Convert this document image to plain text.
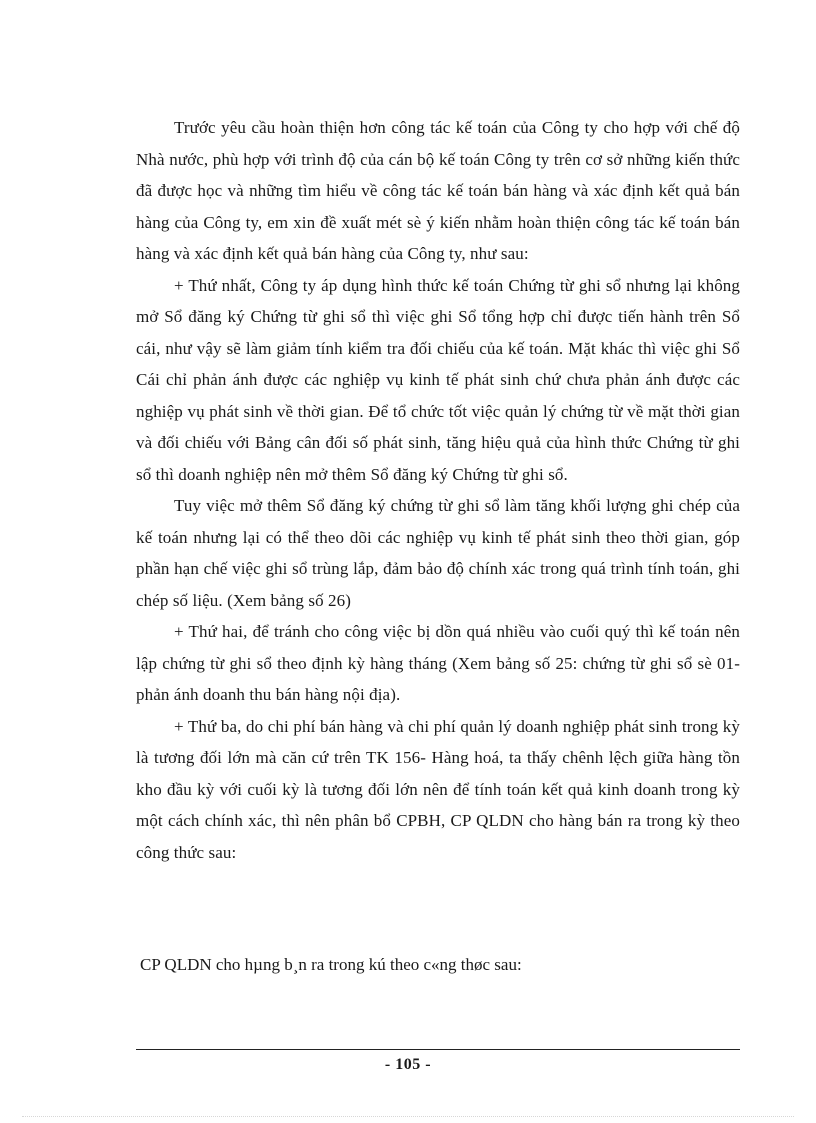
Trước yêu cầu hoàn thiện hơn công tác kế toán của Công ty cho hợp với chế độ Nhà nước, phù hợp với trình độ của cán bộ kế toán Công ty trên cơ sở những kiến thức đã được học và những tìm hiểu về công tác kế toán bán hàng và xác định kết quả bán hàng của Công ty, em xin đề xuất mét sè ý kiến nhằm hoàn thiện công tác kế toán bán hàng và xác định kết quả bán hàng của Công ty, như sau:

+ Thứ nhất, Công ty áp dụng hình thức kế toán Chứng từ ghi sổ nhưng lại không mở Sổ đăng ký Chứng từ ghi sổ thì việc ghi Sổ tổng hợp chỉ được tiến hành trên Sổ cái, như vậy sẽ làm giảm tính kiểm tra đối chiếu của kế toán. Mặt khác thì việc ghi Sổ Cái chỉ phản ánh được các nghiệp vụ kinh tế phát sinh chứ chưa phản ánh được các nghiệp vụ phát sinh về thời gian. Để tổ chức tốt việc quản lý chứng từ về mặt thời gian và đối chiếu với Bảng cân đối số phát sinh, tăng hiệu quả của hình thức Chứng từ ghi sổ thì doanh nghiệp nên mở thêm Sổ đăng ký Chứng từ ghi sổ.

Tuy việc mở thêm Sổ đăng ký chứng từ ghi sổ làm tăng khối lượng ghi chép của kế toán nhưng lại có thể theo dõi các nghiệp vụ kinh tế phát sinh theo thời gian, góp phần hạn chế việc ghi sổ trùng lắp, đảm bảo độ chính xác trong quá trình tính toán, ghi chép số liệu. (Xem bảng số 26)

+ Thứ hai, để tránh cho công việc bị dồn quá nhiều vào cuối quý thì kế toán nên lập chứng từ ghi sổ theo định kỳ hàng tháng (Xem bảng số 25: chứng từ ghi sổ sè 01- phản ánh doanh thu bán hàng nội địa).

+ Thứ ba, do chi phí bán hàng và chi phí quản lý doanh nghiệp phát sinh trong kỳ là tương đối lớn mà căn cứ trên TK 156- Hàng hoá, ta thấy chênh lệch giữa hàng tồn kho đầu kỳ với cuối kỳ là tương đối lớn nên để tính toán kết quả kinh doanh trong kỳ một cách chính xác, thì nên phân bổ CPBH, CP QLDN cho hàng bán ra trong kỳ theo công thức sau:

CP QLDN cho hµng b¸n ra trong kú theo c«ng thøc sau:
- 105 -
